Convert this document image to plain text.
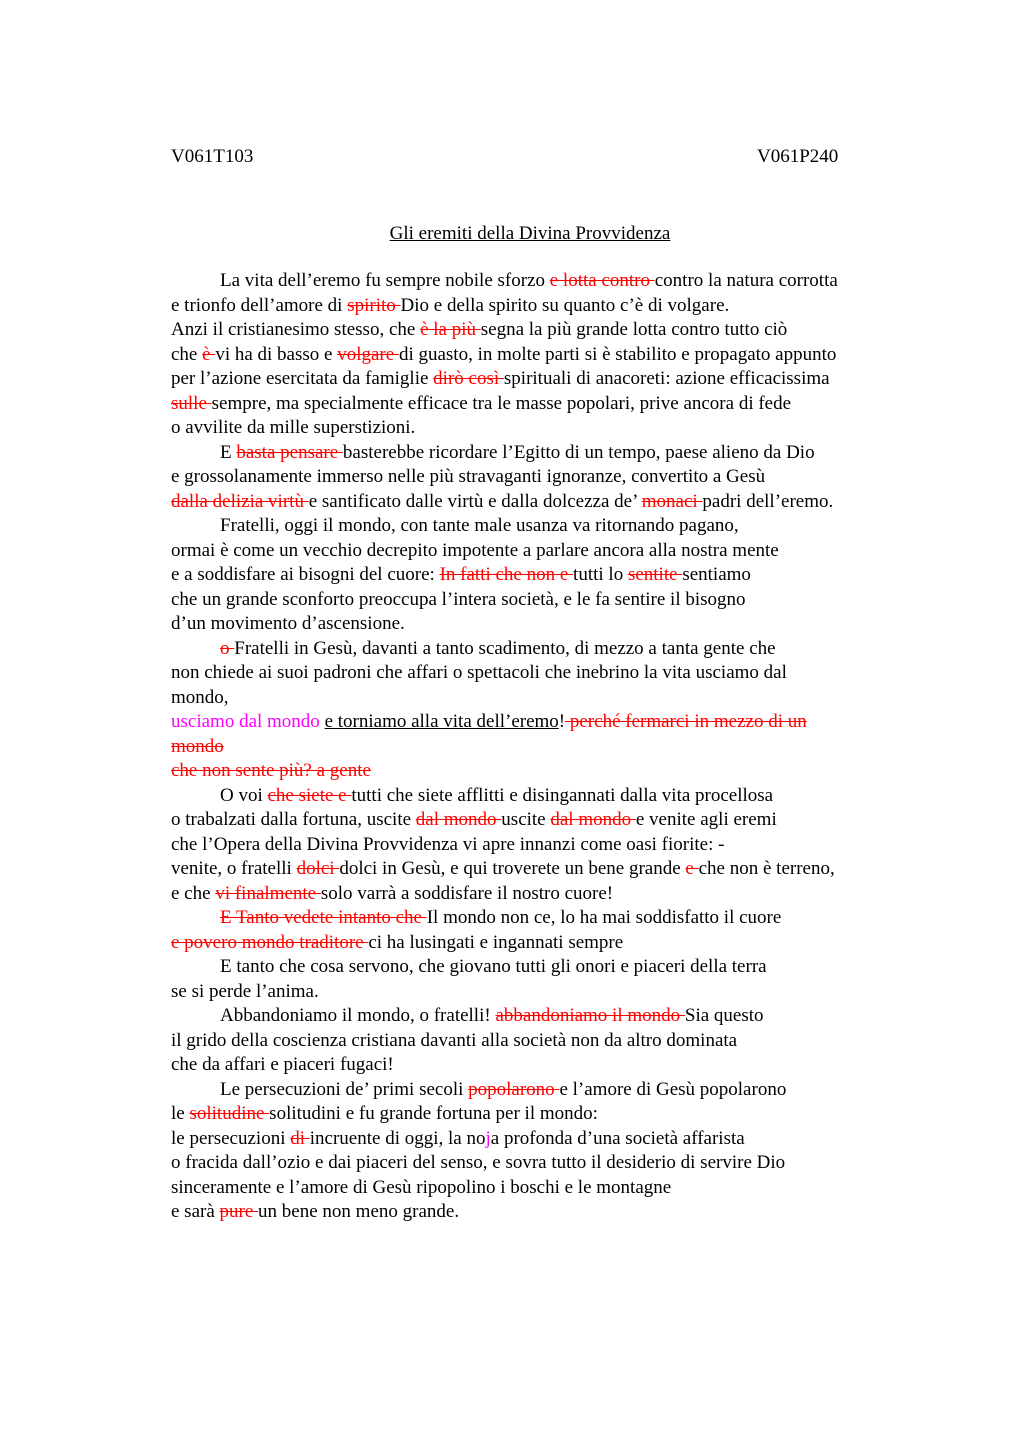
V061T103	V061P240
Gli eremiti della Divina Provvidenza
La vita dell’eremo fu sempre nobile sforzo e lotta contro contro la natura corrotta
e trionfo dell’amore di spirito Dio e della spirito su quanto c’è di volgare.
Anzi il cristianesimo stesso, che è la più segna la più grande lotta contro tutto ciò
che è vi ha di basso e volgare di guasto, in molte parti si è stabilito e propagato appunto
per l’azione esercitata da famiglie dirò così spirituali di anacoreti: azione efficacissima
sulle sempre, ma specialmente efficace tra le masse popolari, prive ancora di fede
o avvilite da mille superstizioni.
E basta pensare basterebbe ricordare l’Egitto di un tempo, paese alieno da Dio
e grossolanamente immerso nelle più stravaganti ignoranze, convertito a Gesù
dalla delizia virtù e santificato dalle virtù e dalla dolcezza de’ monaci padri dell’eremo.
Fratelli, oggi il mondo, con tante male usanza va ritornando pagano,
ormai è come un vecchio decrepito impotente a parlare ancora alla nostra mente
e a soddisfare ai bisogni del cuore: In fatti che non e tutti lo sentite sentiamo
che un grande sconforto preoccupa l’intera società, e le fa sentire il bisogno
d’un movimento d’ascensione.
o Fratelli in Gesù, davanti a tanto scadimento, di mezzo a tanta gente che
non chiede ai suoi padroni che affari o spettacoli che inebrino la vita usciamo dal
mondo,
usciamo dal mondo e torniamo alla vita dell’eremo! perché fermarci in mezzo di un
mondo
che non sente più? a gente
O voi che siete e tutti che siete afflitti e disingannati dalla vita procellosa
o trabalzati dalla fortuna, uscite dal mondo uscite dal mondo e venite agli eremi
che l’Opera della Divina Provvidenza vi apre innanzi come oasi fiorite: -
venite, o fratelli dolci dolci in Gesù, e qui troverete un bene grande e che non è terreno,
e che vi finalmente solo varrà a soddisfare il nostro cuore!
E Tanto vedete intanto che Il mondo non ce, lo ha mai soddisfatto il cuore
e povero mondo traditore ci ha lusingati e ingannati sempre
E tanto che cosa servono, che giovano tutti gli onori e piaceri della terra
se si perde l’anima.
Abbandoniamo il mondo, o fratelli! abbandoniamo il mondo Sia questo
il grido della coscienza cristiana davanti alla società non da altro dominata
che da affari e piaceri fugaci!
Le persecuzioni de’ primi secoli popolarono e l’amore di Gesù popolarono
le solitudine solitudini e fu grande fortuna per il mondo:
le persecuzioni di incruente di oggi, la noja profonda d’una società affarista
o fracida dall’ozio e dai piaceri del senso, e sovra tutto il desiderio di servire Dio
sinceramente e l’amore di Gesù ripopolino i boschi e le montagne
e sarà pure un bene non meno grande.
